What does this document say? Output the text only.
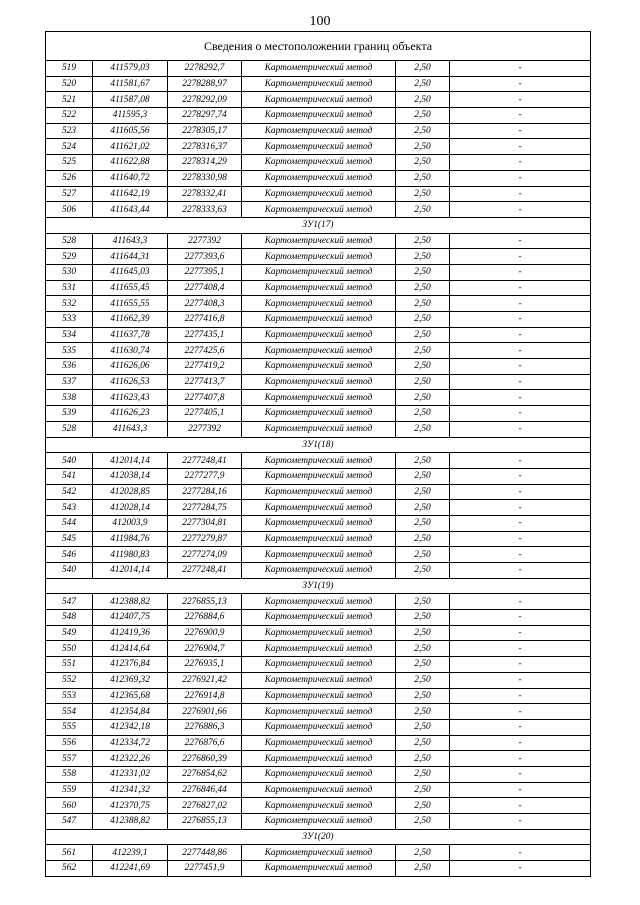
100
Сведения о местоположении границ объекта					
519	411579,03	2278292,7	Картометрический метод	2,50	-
520	411581,67	2278288,97	Картометрический метод	2,50	-
521	411587,08	2278292,09	Картометрический метод	2,50	-
522	411595,3	2278297,74	Картометрический метод	2,50	-
523	411605,56	2278305,17	Картометрический метод	2,50	-
524	411621,02	2278316,37	Картометрический метод	2,50	-
525	411622,88	2278314,29	Картометрический метод	2,50	-
526	411640,72	2278330,98	Картометрический метод	2,50	-
527	411642,19	2278332,41	Картометрический метод	2,50	-
506	411643,44	2278333,63	Картометрический метод	2,50	-
ЗУ1(17)					
528	411643,3	2277392	Картометрический метод	2,50	-
529	411644,31	2277393,6	Картометрический метод	2,50	-
530	411645,03	2277395,1	Картометрический метод	2,50	-
531	411655,45	2277408,4	Картометрический метод	2,50	-
532	411655,55	2277408,3	Картометрический метод	2,50	-
533	411662,39	2277416,8	Картометрический метод	2,50	-
534	411637,78	2277435,1	Картометрический метод	2,50	-
535	411630,74	2277425,6	Картометрический метод	2,50	-
536	411626,06	2277419,2	Картометрический метод	2,50	-
537	411626,53	2277413,7	Картометрический метод	2,50	-
538	411623,43	2277407,8	Картометрический метод	2,50	-
539	411626,23	2277405,1	Картометрический метод	2,50	-
528	411643,3	2277392	Картометрический метод	2,50	-
ЗУ1(18)					
540	412014,14	2277248,41	Картометрический метод	2,50	-
541	412038,14	2277277,9	Картометрический метод	2,50	-
542	412028,85	2277284,16	Картометрический метод	2,50	-
543	412028,14	2277284,75	Картометрический метод	2,50	-
544	412003,9	2277304,81	Картометрический метод	2,50	-
545	411984,76	2277279,87	Картометрический метод	2,50	-
546	411980,83	2277274,09	Картометрический метод	2,50	-
540	412014,14	2277248,41	Картометрический метод	2,50	-
ЗУ1(19)					
547	412388,82	2276855,13	Картометрический метод	2,50	-
548	412407,75	2276884,6	Картометрический метод	2,50	-
549	412419,36	2276900,9	Картометрический метод	2,50	-
550	412414,64	2276904,7	Картометрический метод	2,50	-
551	412376,84	2276935,1	Картометрический метод	2,50	-
552	412369,32	2276921,42	Картометрический метод	2,50	-
553	412365,68	2276914,8	Картометрический метод	2,50	-
554	412354,84	2276901,66	Картометрический метод	2,50	-
555	412342,18	2276886,3	Картометрический метод	2,50	-
556	412334,72	2276876,6	Картометрический метод	2,50	-
557	412322,26	2276860,39	Картометрический метод	2,50	-
558	412331,02	2276854,62	Картометрический метод	2,50	-
559	412341,32	2276846,44	Картометрический метод	2,50	-
560	412370,75	2276827,02	Картометрический метод	2,50	-
547	412388,82	2276855,13	Картометрический метод	2,50	-
ЗУ1(20)					
561	412239,1	2277448,86	Картометрический метод	2,50	-
562	412241,69	2277451,9	Картометрический метод	2,50	-
